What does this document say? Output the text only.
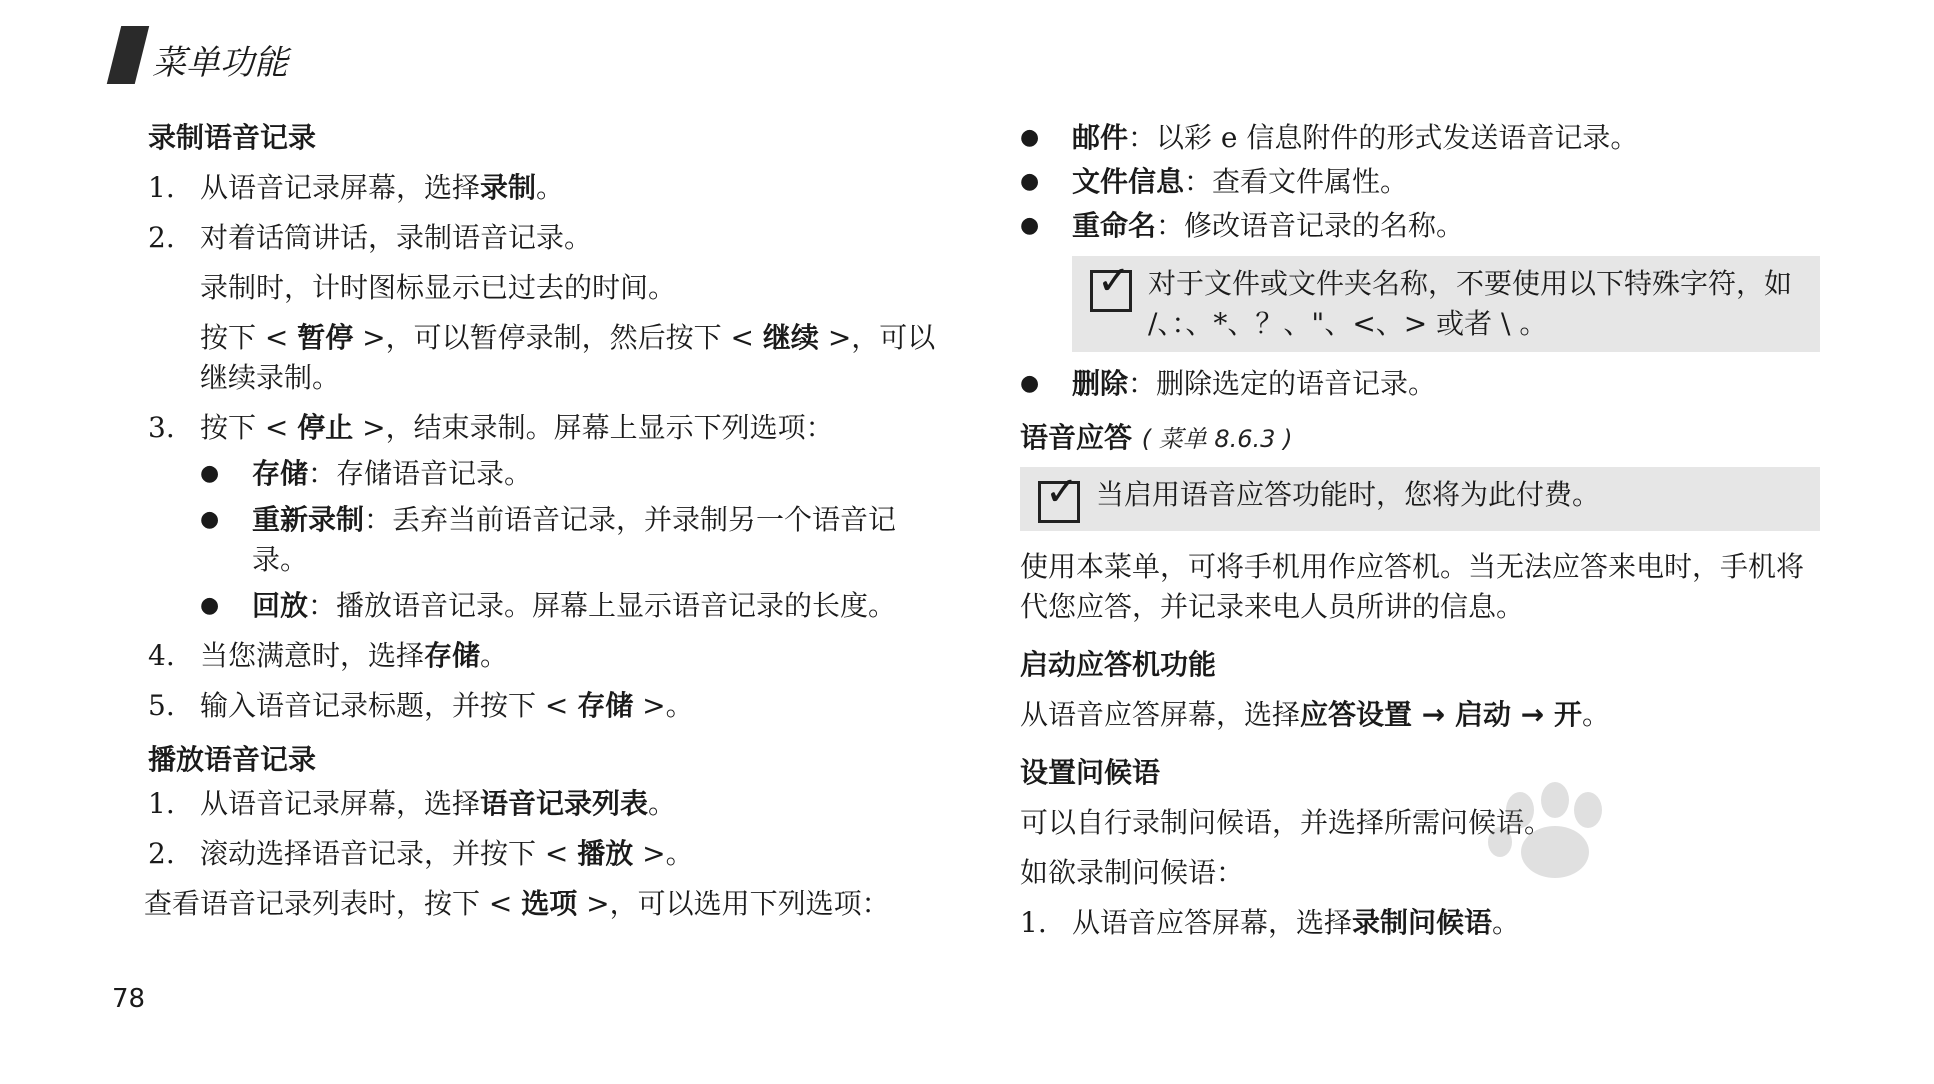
菜单功能
录制语音记录
1. 从语音记录屏幕，选择录制。
2. 对着话筒讲话，录制语音记录。
录制时，计时图标显示已过去的时间。
按下 < 暂停 >，可以暂停录制，然后按下 < 继续 >，可以继续录制。
3. 按下 < 停止 >，结束录制。屏幕上显示下列选项：
●	存储：存储语音记录。
●	重新录制：丢弃当前语音记录，并录制另一个语音记录。
●	回放：播放语音记录。屏幕上显示语音记录的长度。
4. 当您满意时，选择存储。
5. 输入语音记录标题，并按下 < 存储 >。
播放语音记录
1. 从语音记录屏幕，选择语音记录列表。
2. 滚动选择语音记录，并按下 < 播放 >。
查看语音记录列表时，按下 < 选项 >，可以选用下列选项：
●	邮件：以彩 e 信息附件的形式发送语音记录。
●	文件信息：查看文件属性。
●	重命名：修改语音记录的名称。
✓ 对于文件或文件夹名称，不要使用以下特殊字符，如 /、：、*、？、"、<、> 或者 \ 。
●	删除：删除选定的语音记录。
语音应答 ( 菜单 8.6.3 )
✓ 当启用语音应答功能时，您将为此付费。
使用本菜单，可将手机用作应答机。当无法应答来电时，手机将代您应答，并记录来电人员所讲的信息。
启动应答机功能
从语音应答屏幕，选择应答设置 → 启动 → 开。
设置问候语
可以自行录制问候语，并选择所需问候语。
如欲录制问候语：
1. 从语音应答屏幕，选择录制问候语。
78
